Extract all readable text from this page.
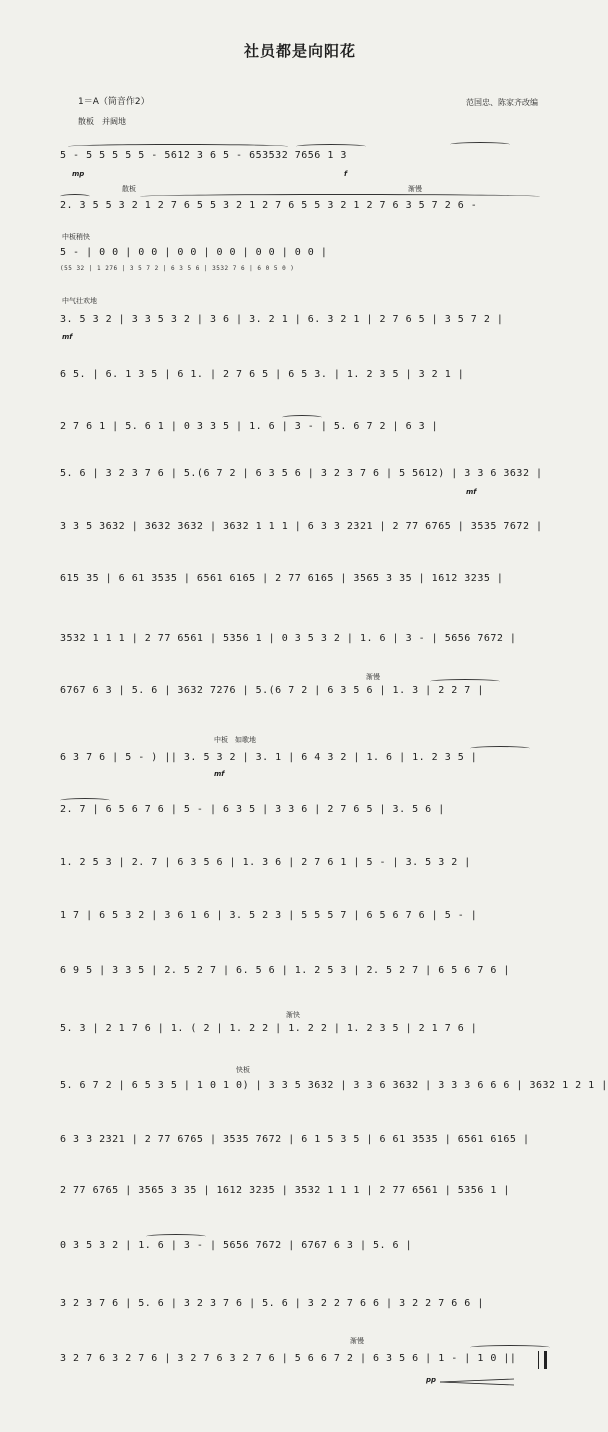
社员都是向阳花
1＝A（筒音作2）	范国忠、陈家齐改编
散板　并阔地
5 - 5 5 5 5 5 - 5612 3 6 5 - 653532 7656 1 3
mp	f
散板	渐慢
2. 3 5 5 3 2 1 2 7 6 5 5 3 2 1 2 7 6 5 5 3 2 1 2 7 6 3 5 7 2 6 -
中板稍快
5 - | 0 0 | 0 0 | 0 0 | 0 0 | 0 0 | 0 0 |
(55 32 | 1 276 | 3 5 7 2 | 6 3 5 6 | 3532 7 6 | 6 0 5 0 )
中气壮欢地
3. 5 3 2 | 3 3 5 3 2 | 3 6 | 3. 2 1 | 6. 3 2 1 | 2 7 6 5 | 3 5 7 2 |
mf
6 5. | 6. 1 3 5 | 6 1. | 2 7 6 5 | 6 5 3. | 1. 2 3 5 | 3 2 1 |
2 7 6 1 | 5. 6 1 | 0 3 3 5 | 1. 6 | 3 - | 5. 6 7 2 | 6 3 |
5. 6 | 3 2 3 7 6 | 5.(6 7 2 | 6 3 5 6 | 3 2 3 7 6 | 5 5612) | 3 3 6 3632 |
mf
3 3 5 3632 | 3632 3632 | 3632 1 1 1 | 6 3 3 2321 | 2 77 6765 | 3535 7672 |
615 35 | 6 61 3535 | 6561 6165 | 2 77 6165 | 3565 3 35 | 1612 3235 |
3532 1 1 1 | 2 77 6561 | 5356 1 | 0 3 5 3 2 | 1. 6 | 3 - | 5656 7672 |
渐慢
6767 6 3 | 5. 6 | 3632 7276 | 5.(6 7 2 | 6 3 5 6 | 1. 3 | 2 2 7 |
中板　如歌地
6 3 7 6 | 5 - ) || 3. 5 3 2 | 3. 1 | 6 4 3 2 | 1. 6 | 1. 2 3 5 |
mf
2. 7 | 6 5 6 7 6 | 5 - | 6 3 5 | 3 3 6 | 2 7 6 5 | 3. 5 6 |
1. 2 5 3 | 2. 7 | 6 3 5 6 | 1. 3 6 | 2 7 6 1 | 5 - | 3. 5 3 2 |
1 7 | 6 5 3 2 | 3 6 1 6 | 3. 5 2 3 | 5 5 5 7 | 6 5 6 7 6 | 5 - |
6 9 5 | 3 3 5 | 2. 5 2 7 | 6. 5 6 | 1. 2 5 3 | 2. 5 2 7 | 6 5 6 7 6 |
渐快
5. 3 | 2 1 7 6 | 1. ( 2 | 1. 2 2 | 1. 2 2 | 1. 2 3 5 | 2 1 7 6 |
快板
5. 6 7 2 | 6 5 3 5 | 1 0 1 0) | 3 3 5 3632 | 3 3 6 3632 | 3 3 3 6 6 6 | 3632 1 2 1 |
6 3 3 2321 | 2 77 6765 | 3535 7672 | 6 1 5 3 5 | 6 61 3535 | 6561 6165 |
2 77 6765 | 3565 3 35 | 1612 3235 | 3532 1 1 1 | 2 77 6561 | 5356 1 |
0 3 5 3 2 | 1. 6 | 3 - | 5656 7672 | 6767 6 3 | 5. 6 |
3 2 3 7 6 | 5. 6 | 3 2 3 7 6 | 5. 6 | 3 2 2 7 6 6 | 3 2 2 7 6 6 |
渐慢
3 2 7 6 3 2 7 6 | 3 2 7 6 3 2 7 6 | 5 6 6 7 2 | 6 3 5 6 | 1 - | 1 0 ||
pp
